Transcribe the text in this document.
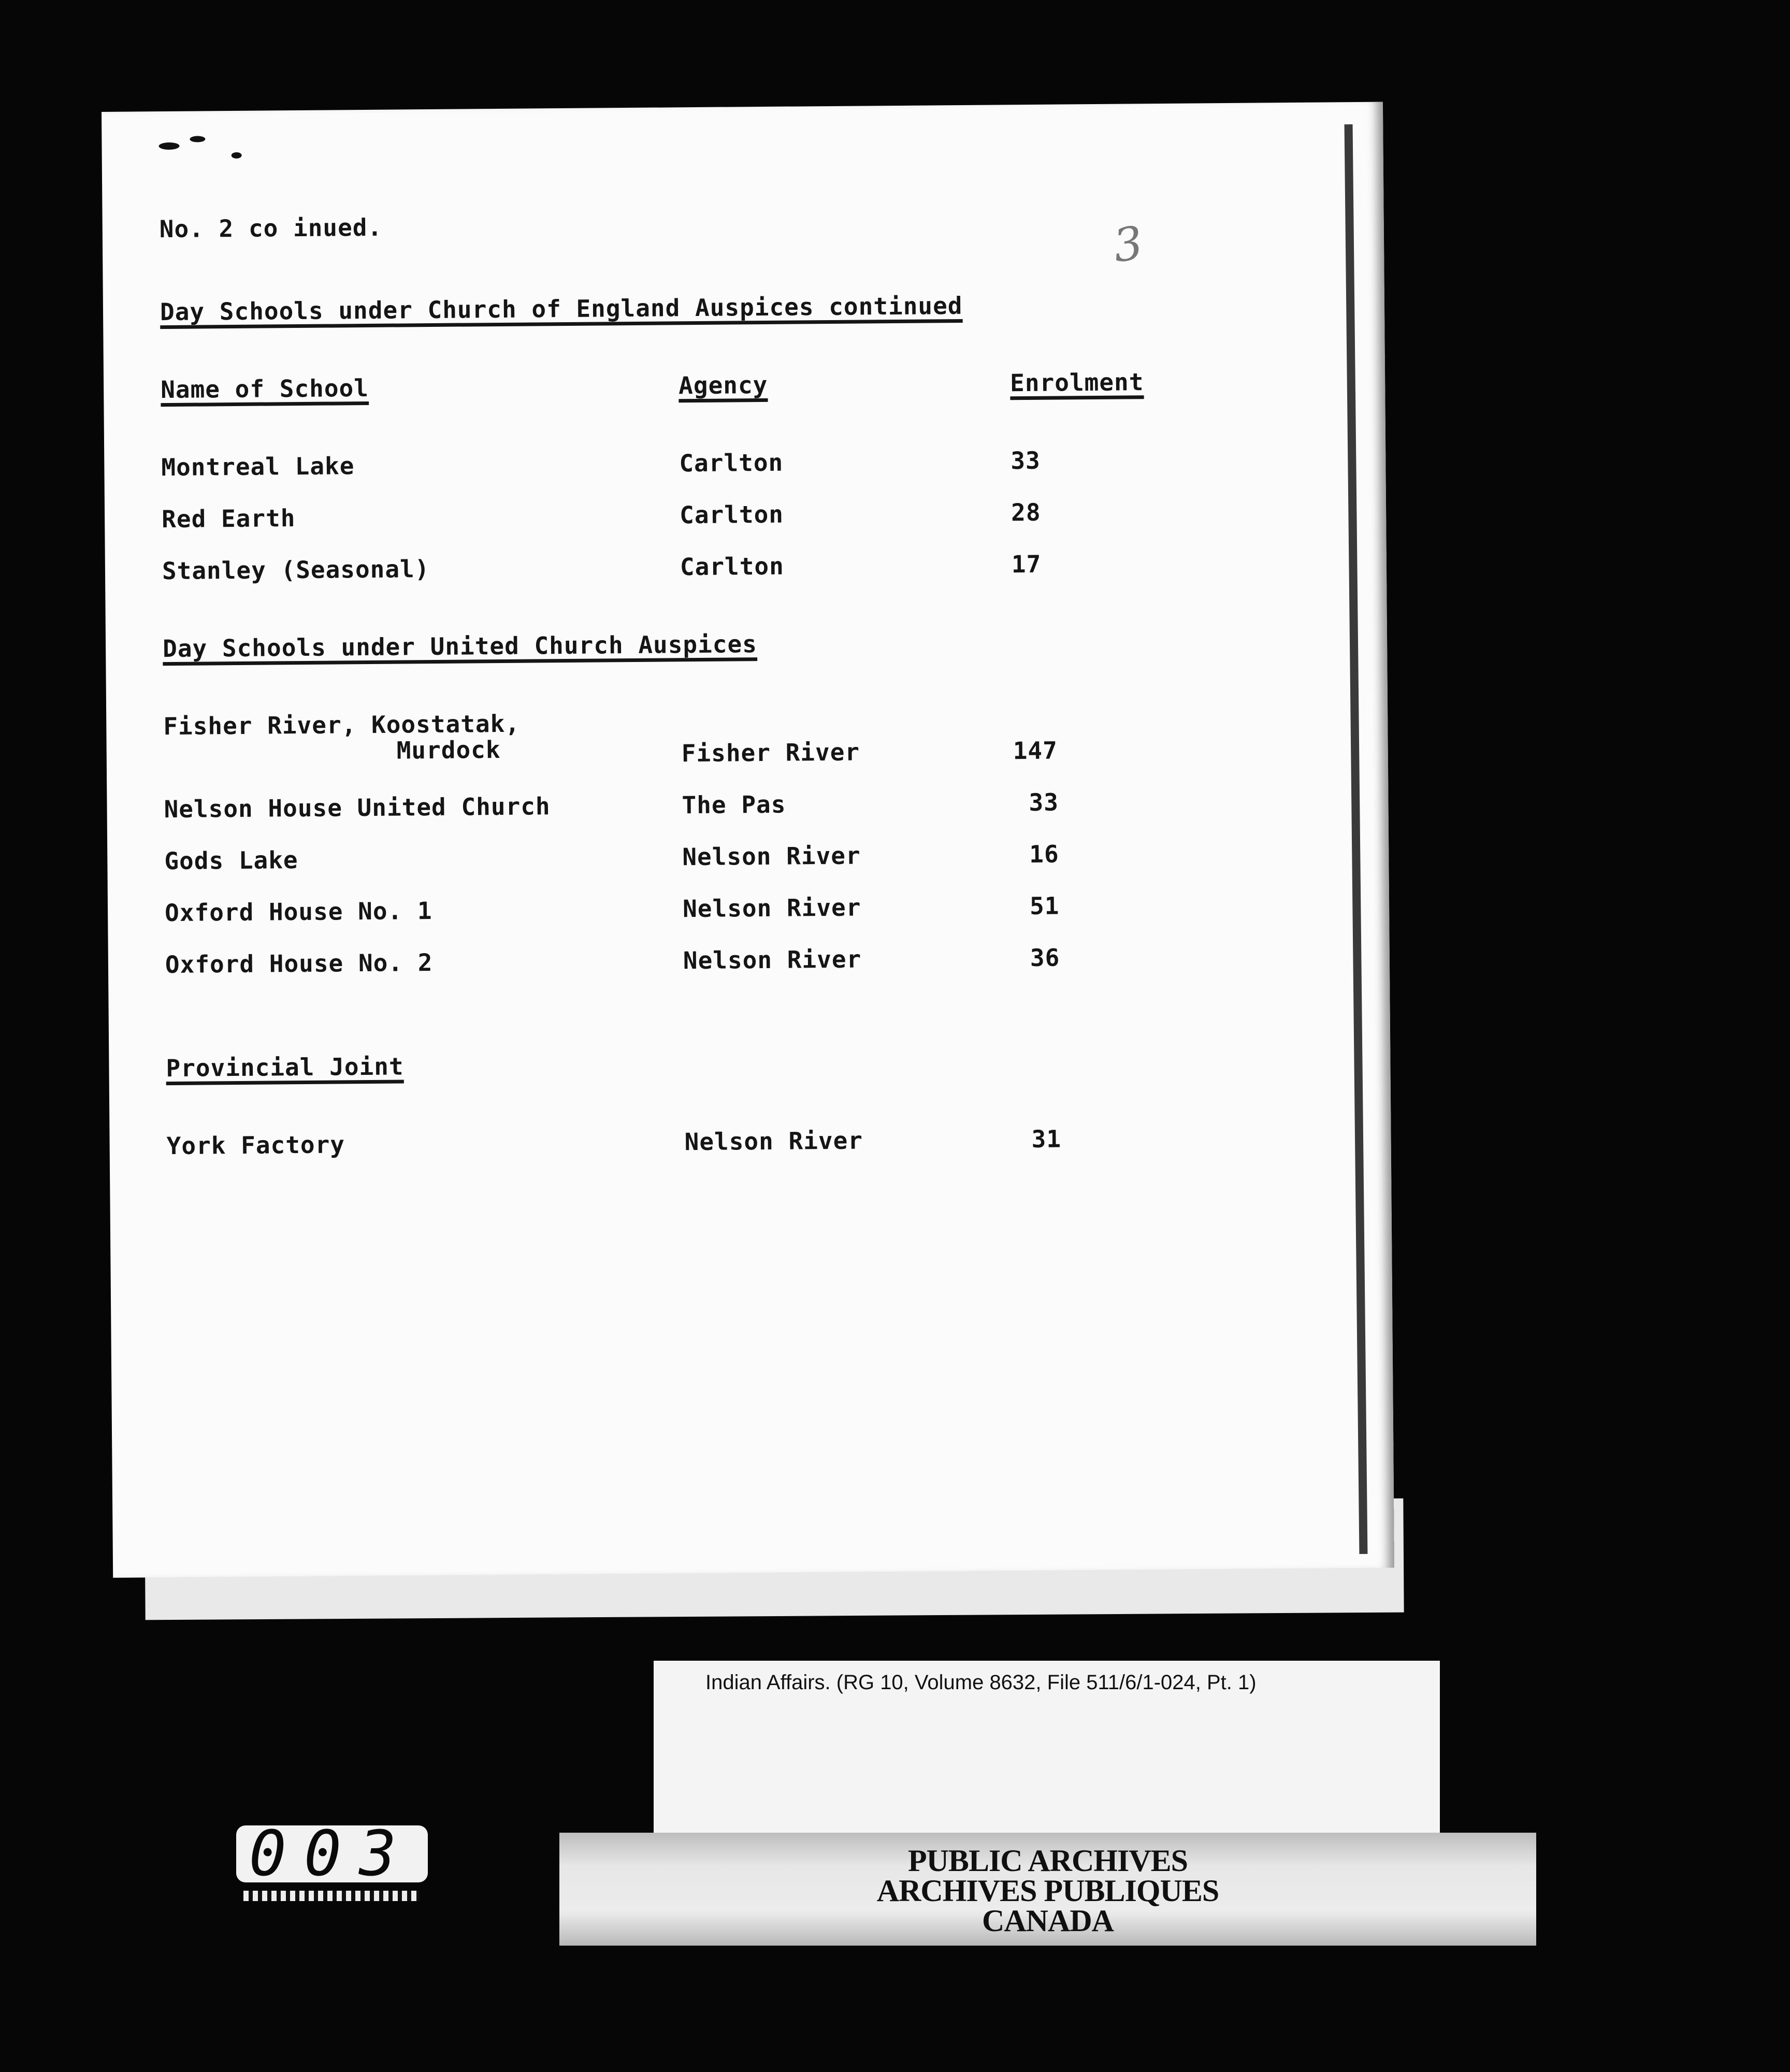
No. 2 co inued.
Day Schools under Church of England Auspices continued
Name of School	Agency	Enrolment
Montreal Lake	Carlton	33
Red Earth	Carlton	28
Stanley (Seasonal)	Carlton	17
Day Schools under United Church Auspices
Fisher River, Koostatak,
Murdock	Fisher River	147
Nelson House United Church	The Pas	33
Gods Lake	Nelson River	16
Oxford House No. 1	Nelson River	51
Oxford House No. 2	Nelson River	36
Provincial Joint
York Factory	Nelson River	31
3
Indian Affairs. (RG 10, Volume 8632, File 511/6/1-024, Pt. 1)
PUBLIC ARCHIVES
ARCHIVES PUBLIQUES
CANADA
003
